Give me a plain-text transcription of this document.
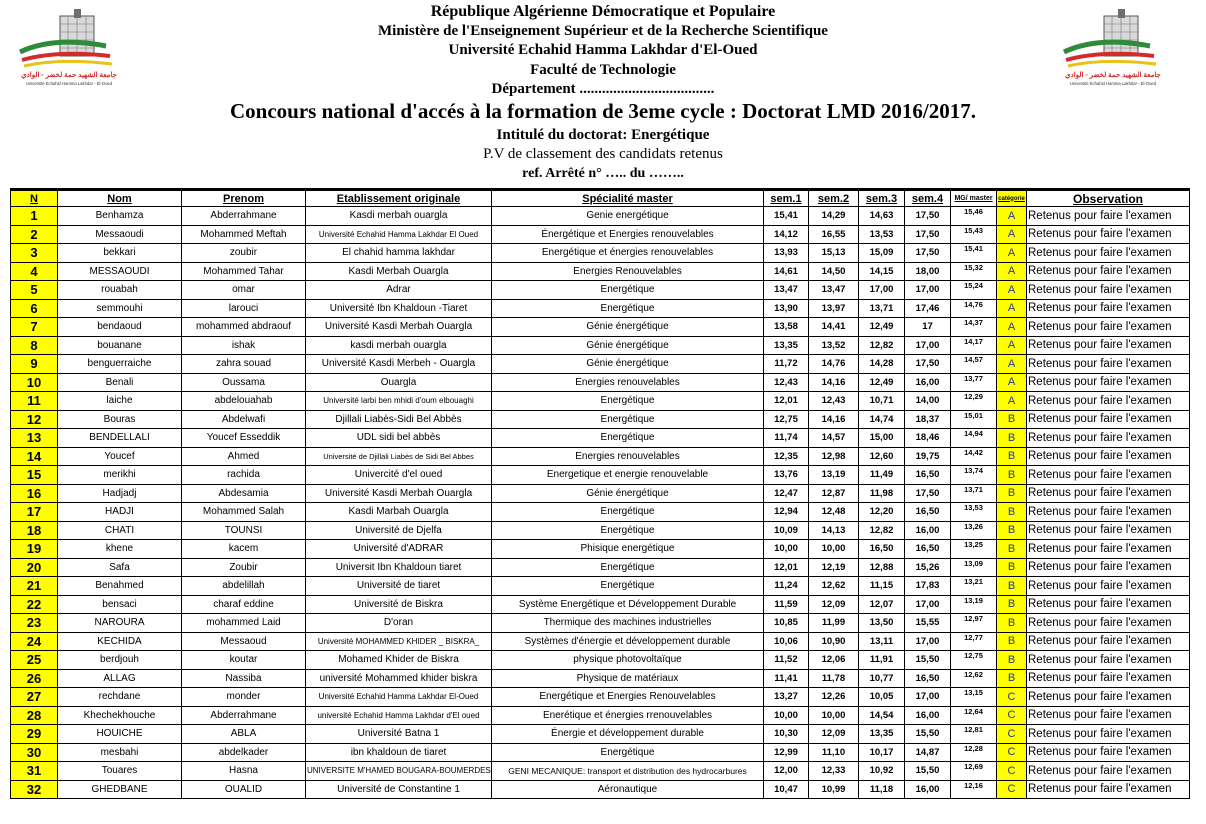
جامعة الشهيد حمة لخضر - الوادي
Université Echahid Hamma Lakhdar - El-Oued
جامعة الشهيد حمة لخضر - الوادي
Université Echahid Hamma Lakhdar - El-Oued
République Algérienne Démocratique et Populaire
Ministère de l'Enseignement Supérieur et de la Recherche Scientifique
Université Echahid Hamma Lakhdar d'El-Oued
Faculté de Technologie
Département ....................................
Concours national d'accés à la formation de 3eme cycle : Doctorat LMD 2016/2017.
Intitulé du doctorat: Energétique
P.V de classement des candidats retenus
ref. Arrêté n° ….. du ……..
N	Nom	Prenom	Etablissement originale	Spécialité master	sem.1	sem.2	sem.3	sem.4	MG/ master	catégorie	Observation
1	Benhamza	Abderrahmane	Kasdi merbah ouargla	Genie energétique	15,41	14,29	14,63	17,50	15,46	A	Retenus pour faire l'examen
2	Messaoudi	Mohammed Meftah	Université Echahid Hamma Lakhdar El Oued	Énergétique et Energies renouvelables	14,12	16,55	13,53	17,50	15,43	A	Retenus pour faire l'examen
3	bekkari	zoubir	El chahid hamma lakhdar	Energétique et énergies renouvelables	13,93	15,13	15,09	17,50	15,41	A	Retenus pour faire l'examen
4	MESSAOUDI	Mohammed Tahar	Kasdi Merbah Ouargla	Energies Renouvelables	14,61	14,50	14,15	18,00	15,32	A	Retenus pour faire l'examen
5	rouabah	omar	Adrar	Energétique	13,47	13,47	17,00	17,00	15,24	A	Retenus pour faire l'examen
6	semmouhi	larouci	Université Ibn Khaldoun -Tiaret	Energétique	13,90	13,97	13,71	17,46	14,76	A	Retenus pour faire l'examen
7	bendaoud	mohammed abdraouf	Université Kasdi Merbah Ouargla	Génie énergétique	13,58	14,41	12,49	17	14,37	A	Retenus pour faire l'examen
8	bouanane	ishak	kasdi merbah ouargla	Génie énergétique	13,35	13,52	12,82	17,00	14,17	A	Retenus pour faire l'examen
9	benguerraiche	zahra souad	Université Kasdi Merbeh - Ouargla	Génie énergétique	11,72	14,76	14,28	17,50	14,57	A	Retenus pour faire l'examen
10	Benali	Oussama	Ouargla	Energies renouvelables	12,43	14,16	12,49	16,00	13,77	A	Retenus pour faire l'examen
11	laiche	abdelouahab	Université larbi ben mhidi d'oum elbouaghi	Energétique	12,01	12,43	10,71	14,00	12,29	A	Retenus pour faire l'examen
12	Bouras	Abdelwafi	Djillali Liabès-Sidi Bel Abbès	Energétique	12,75	14,16	14,74	18,37	15,01	B	Retenus pour faire l'examen
13	BENDELLALI	Youcef Esseddik	UDL sidi bel abbès	Energétique	11,74	14,57	15,00	18,46	14,94	B	Retenus pour faire l'examen
14	Youcef	Ahmed	Université de Djillali Liabès de Sidi Bel Abbes	Energies renouvelables	12,35	12,98	12,60	19,75	14,42	B	Retenus pour faire l'examen
15	merikhi	rachida	Univercité d'el oued	Energetique et energie renouvelable	13,76	13,19	11,49	16,50	13,74	B	Retenus pour faire l'examen
16	Hadjadj	Abdesamia	Université Kasdi Merbah Ouargla	Génie énergétique	12,47	12,87	11,98	17,50	13,71	B	Retenus pour faire l'examen
17	HADJI	Mohammed Salah	Kasdi Marbah Ouargla	Energétique	12,94	12,48	12,20	16,50	13,53	B	Retenus pour faire l'examen
18	CHATI	TOUNSI	Université de Djelfa	Energétique	10,09	14,13	12,82	16,00	13,26	B	Retenus pour faire l'examen
19	khene	kacem	Université d'ADRAR	Phisique energétique	10,00	10,00	16,50	16,50	13,25	B	Retenus pour faire l'examen
20	Safa	Zoubir	Universit Ibn Khaldoun tiaret	Energétique	12,01	12,19	12,88	15,26	13,09	B	Retenus pour faire l'examen
21	Benahmed	abdelillah	Université de tiaret	Energétique	11,24	12,62	11,15	17,83	13,21	B	Retenus pour faire l'examen
22	bensaci	charaf eddine	Université de Biskra	Système Energétique et Développement Durable	11,59	12,09	12,07	17,00	13,19	B	Retenus pour faire l'examen
23	NAROURA	mohammed Laid	D'oran	Thermique des machines industrielles	10,85	11,99	13,50	15,55	12,97	B	Retenus pour faire l'examen
24	KECHIDA	Messaoud	Université MOHAMMED KHIDER _ BISKRA_	Systèmes d'énergie et développement durable	10,06	10,90	13,11	17,00	12,77	B	Retenus pour faire l'examen
25	berdjouh	koutar	Mohamed Khider de Biskra	physique photovoltaïque	11,52	12,06	11,91	15,50	12,75	B	Retenus pour faire l'examen
26	ALLAG	Nassiba	université Mohammed khider biskra	Physique de matériaux	11,41	11,78	10,77	16,50	12,62	B	Retenus pour faire l'examen
27	rechdane	monder	Université Echahid Hamma Lakhdar El-Oued	Energétique et Energies Renouvelables	13,27	12,26	10,05	17,00	13,15	C	Retenus pour faire l'examen
28	Khechekhouche	Abderrahmane	université Echahid Hamma Lakhdar d'El oued	Enerétique et énergies rrenouvelables	10,00	10,00	14,54	16,00	12,64	C	Retenus pour faire l'examen
29	HOUICHE	ABLA	Université Batna 1	Énergie et développement durable	10,30	12,09	13,35	15,50	12,81	C	Retenus pour faire l'examen
30	mesbahi	abdelkader	ibn khaldoun de tiaret	Energétique	12,99	11,10	10,17	14,87	12,28	C	Retenus pour faire l'examen
31	Touares	Hasna	UNIVERSITE M'HAMED BOUGARA-BOUMERDES	GENI MECANIQUE: transport et distribution des hydrocarbures	12,00	12,33	10,92	15,50	12,69	C	Retenus pour faire l'examen
32	GHEDBANE	OUALID	Université de Constantine 1	Aéronautique	10,47	10,99	11,18	16,00	12,16	C	Retenus pour faire l'examen
